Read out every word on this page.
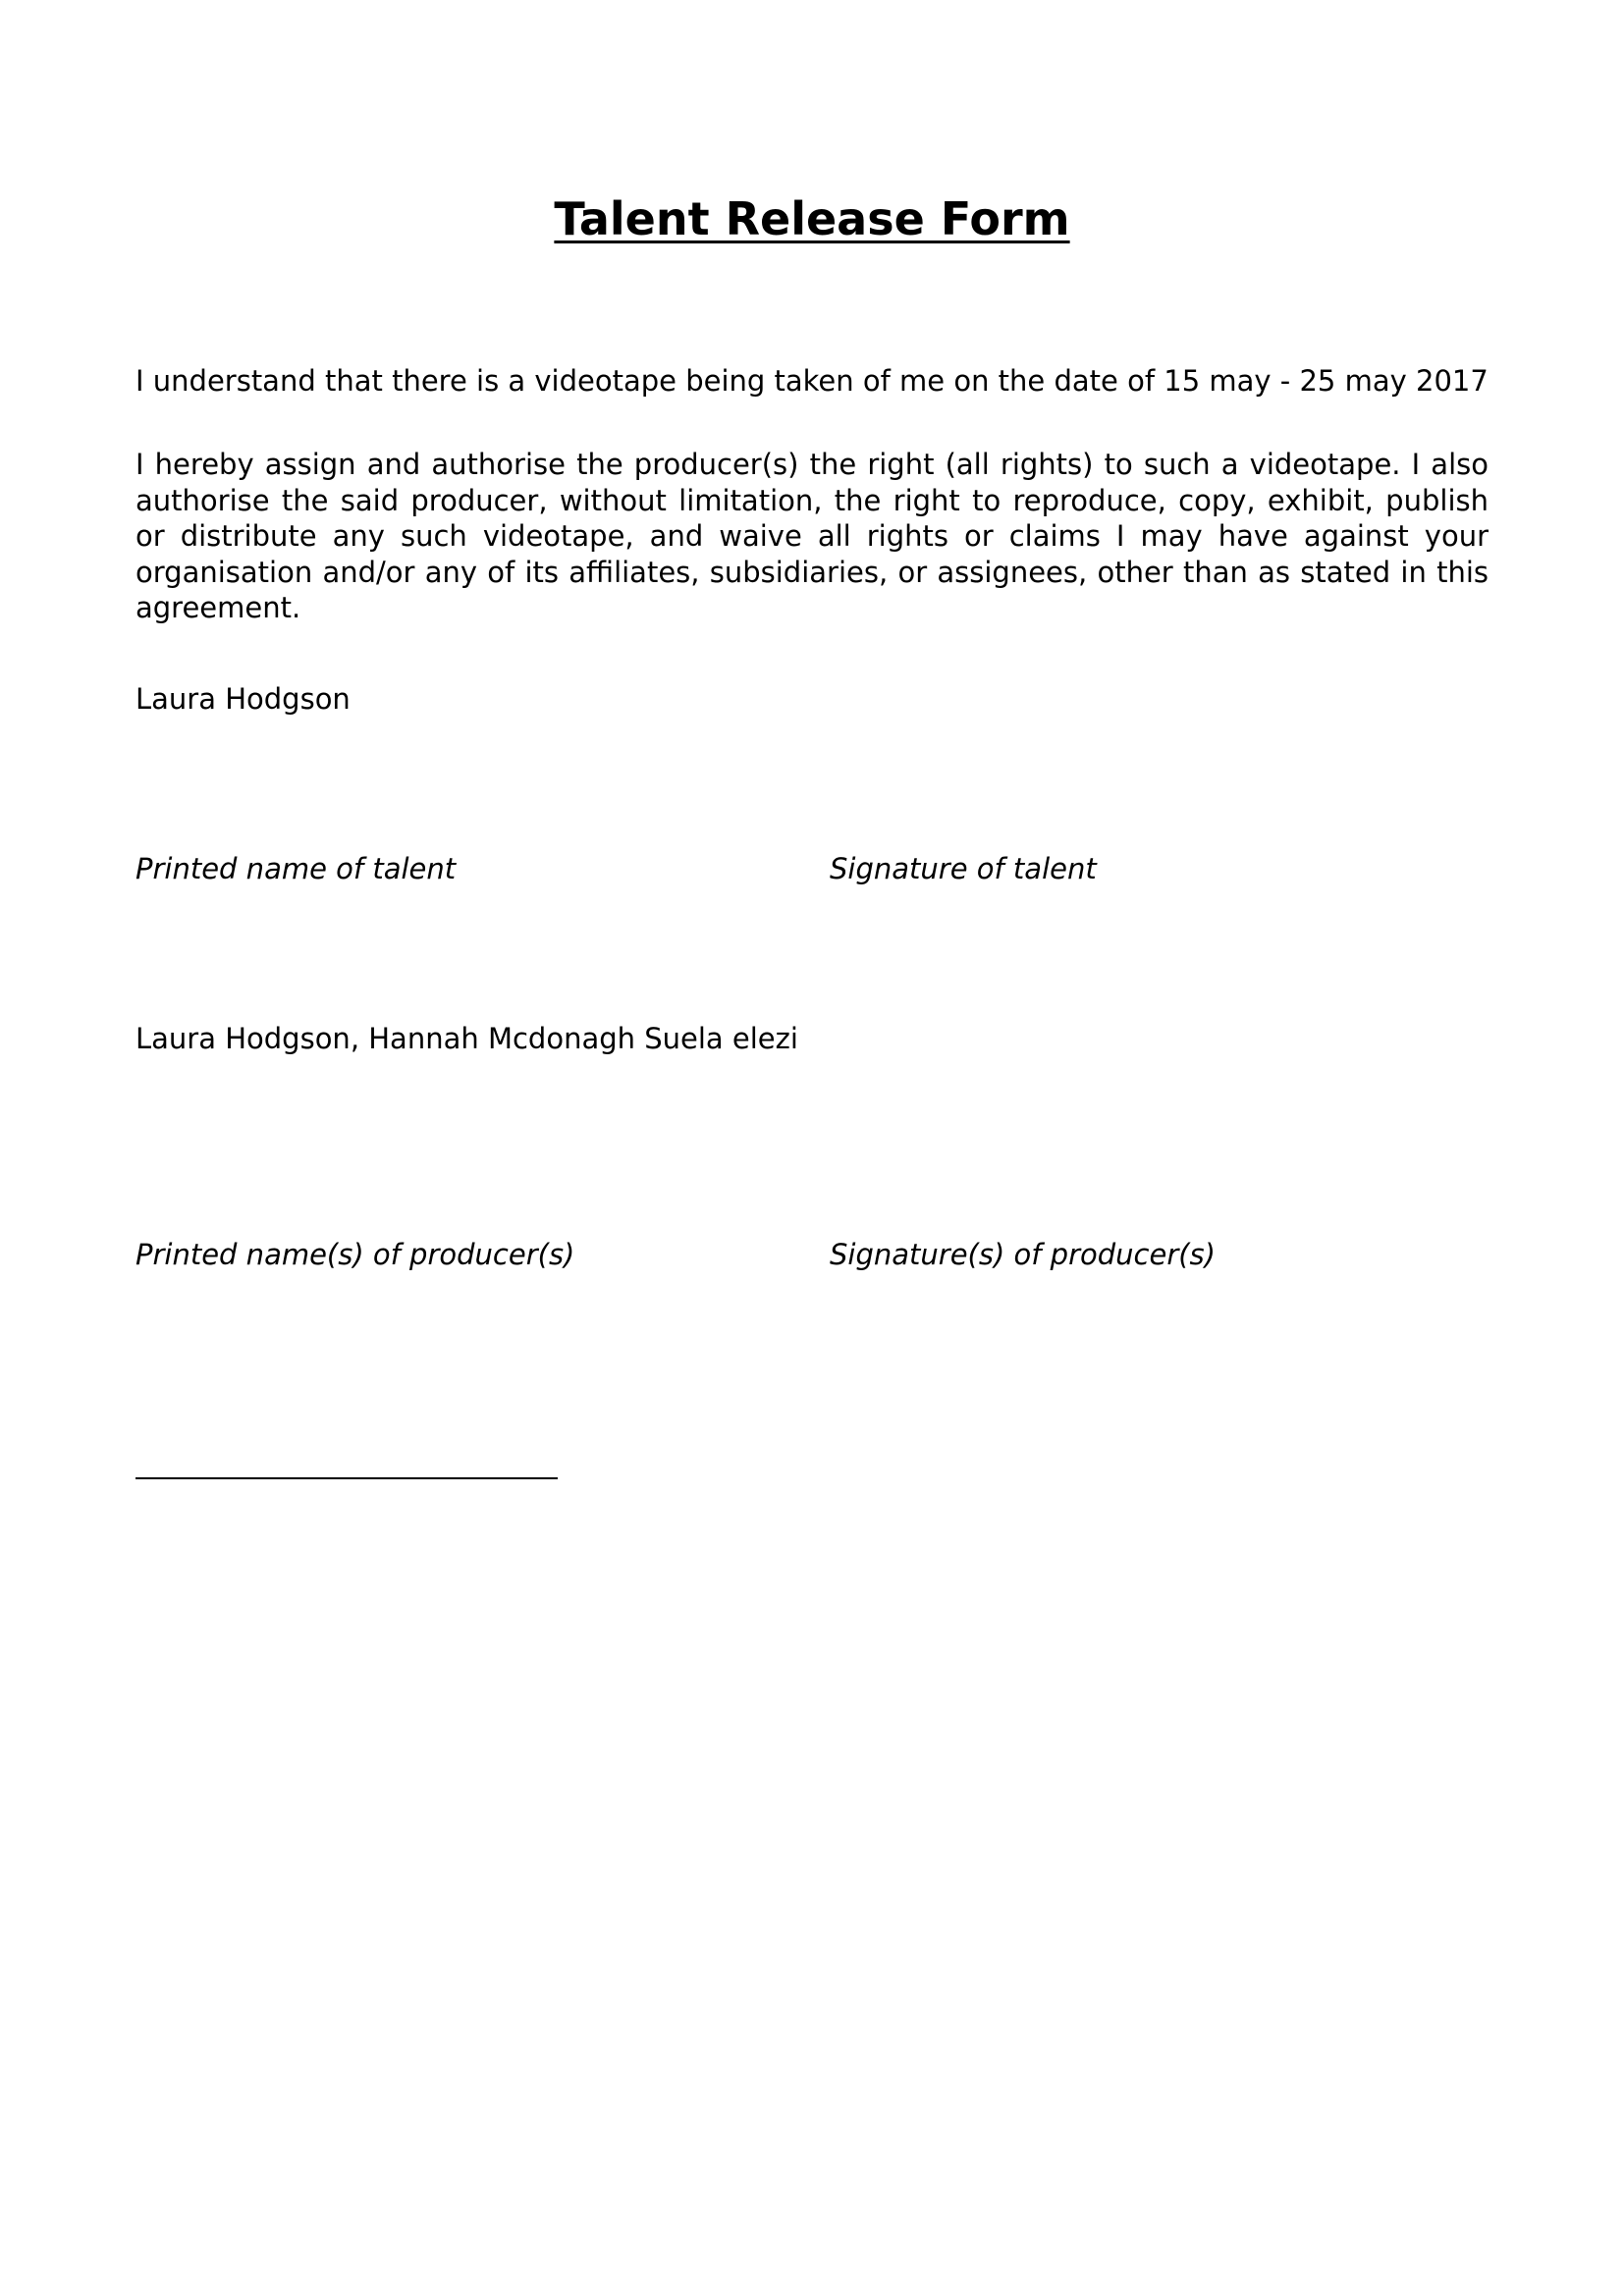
Talent Release Form

I understand that there is a videotape being taken of me on the date of 15 may - 25 may 2017

I hereby assign and authorise the producer(s) the right (all rights) to such a videotape. I also authorise the said producer, without limitation, the right to reproduce, copy, exhibit, publish or distribute any such videotape, and waive all rights or claims I may have against your organisation and/or any of its affiliates, subsidiaries, or assignees, other than as stated in this agreement.

Laura Hodgson

Printed name of talent	Signature of talent

Laura Hodgson, Hannah Mcdonagh Suela elezi

Printed name(s) of producer(s)	Signature(s) of producer(s)
